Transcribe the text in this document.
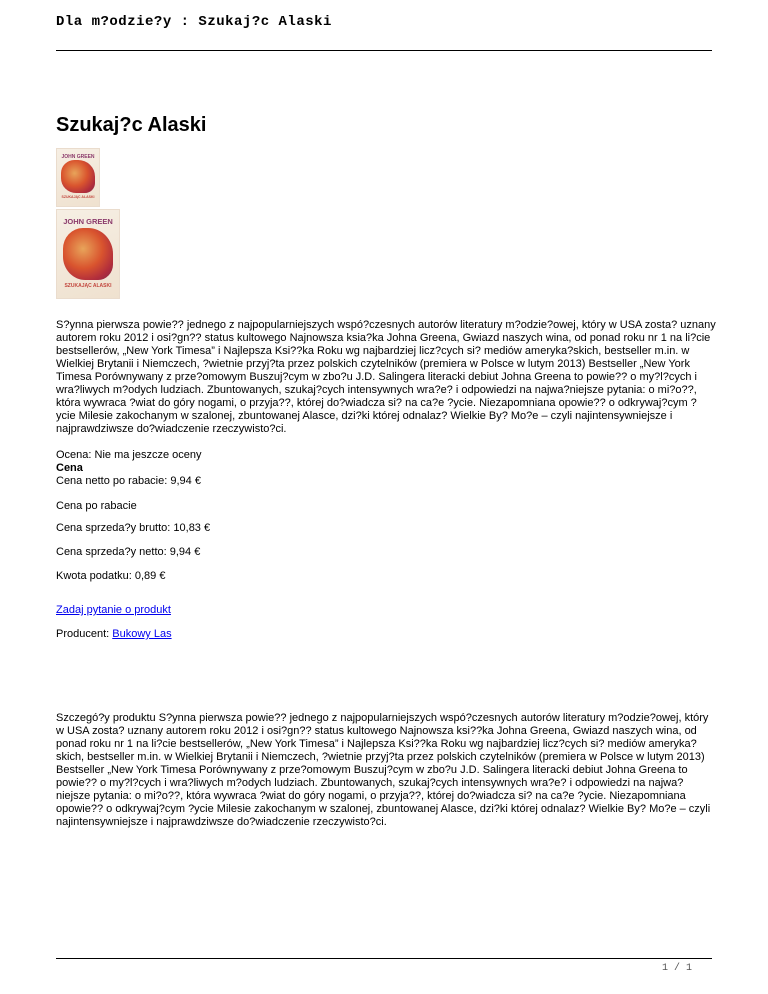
Dla m?odzie?y : Szukaj?c Alaski
Szukaj?c Alaski
JOHN GREEN
SZUKAJĄC ALASKI
JOHN GREEN
SZUKAJĄC ALASKI
S?ynna pierwsza powie?? jednego z najpopularniejszych wspó?czesnych autorów literatury m?odzie?owej, który w USA zosta? uznany autorem roku 2012 i osi?gn?? status kultowego Najnowsza ksia?ka Johna Greena, Gwiazd naszych wina, od ponad roku nr 1 na li?cie bestsellerów, „New York Timesa” i Najlepsza Ksi??ka Roku wg najbardziej licz?cych si? mediów ameryka?skich, bestseller m.in. w Wielkiej Brytanii i Niemczech, ?wietnie przyj?ta przez polskich czytelników (premiera w Polsce w lutym 2013) Bestseller „New York Timesa Porównywany z prze?omowym Buszuj?cym w zbo?u J.D. Salingera literacki debiut Johna Greena to powie?? o my?l?cych i wra?liwych m?odych ludziach. Zbuntowanych, szukaj?cych intensywnych wra?e? i odpowiedzi na najwa?niejsze pytania: o mi?o??, która wywraca ?wiat do góry nogami, o przyja??, której do?wiadcza si? na ca?e ?ycie. Niezapomniana opowie?? o odkrywaj?cym ?ycie Milesie zakochanym w szalonej, zbuntowanej Alasce, dzi?ki której odnalaz? Wielkie By? Mo?e – czyli najintensywniejsze i najprawdziwsze do?wiadczenie rzeczywisto?ci.
Ocena: Nie ma jeszcze oceny
Cena
Cena netto po rabacie: 9,94 €
Cena po rabacie
Cena sprzeda?y brutto: 10,83 €
Cena sprzeda?y netto: 9,94 €
Kwota podatku: 0,89 €
Zadaj pytanie o produkt
Producent: Bukowy Las
Szczegó?y produktu S?ynna pierwsza powie?? jednego z najpopularniejszych wspó?czesnych autorów literatury m?odzie?owej, który w USA zosta? uznany autorem roku 2012 i osi?gn?? status kultowego Najnowsza ksi??ka Johna Greena, Gwiazd naszych wina, od ponad roku nr 1 na li?cie bestsellerów, „New York Timesa” i Najlepsza Ksi??ka Roku wg najbardziej licz?cych si? mediów ameryka?skich, bestseller m.in. w Wielkiej Brytanii i Niemczech, ?wietnie przyj?ta przez polskich czytelników (premiera w Polsce w lutym 2013) Bestseller „New York Timesa Porównywany z prze?omowym Buszuj?cym w zbo?u J.D. Salingera literacki debiut Johna Greena to powie?? o my?l?cych i wra?liwych m?odych ludziach. Zbuntowanych, szukaj?cych intensywnych wra?e? i odpowiedzi na najwa?niejsze pytania: o mi?o??, która wywraca ?wiat do góry nogami, o przyja??, której do?wiadcza si? na ca?e ?ycie. Niezapomniana opowie?? o odkrywaj?cym ?ycie Milesie zakochanym w szalonej, zbuntowanej Alasce, dzi?ki której odnalaz? Wielkie By? Mo?e – czyli najintensywniejsze i najprawdziwsze do?wiadczenie rzeczywisto?ci.
1 / 1
